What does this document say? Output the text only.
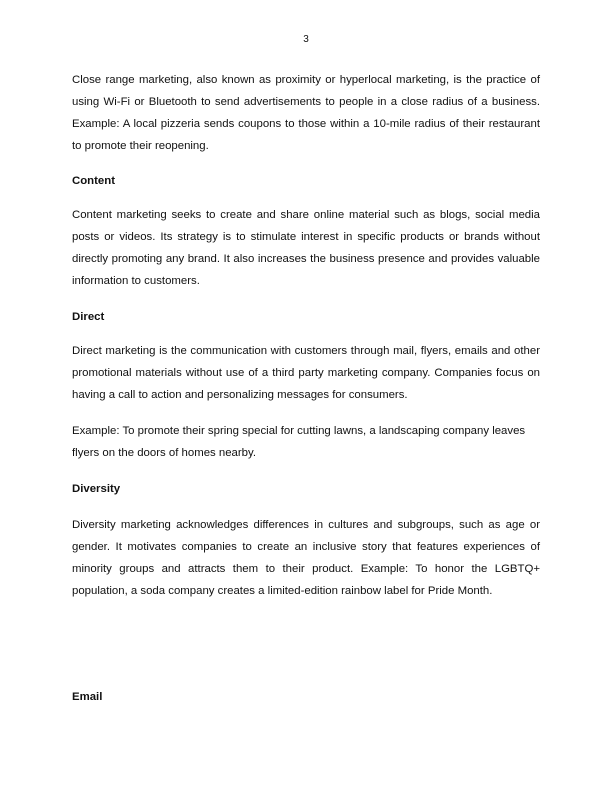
3
Close range marketing, also known as proximity or hyperlocal marketing, is the practice of using Wi-Fi or Bluetooth to send advertisements to people in a close radius of a business. Example: A local pizzeria sends coupons to those within a 10-mile radius of their restaurant to promote their reopening.
Content
Content marketing seeks to create and share online material such as blogs, social media posts or videos. Its strategy is to stimulate interest in specific products or brands without directly promoting any brand. It also increases the business presence and provides valuable information to customers.
Direct
Direct marketing is the communication with customers through mail, flyers, emails and other promotional materials without use of a third party marketing company. Companies focus on having a call to action and personalizing messages for consumers.
Example: To promote their spring special for cutting lawns, a landscaping company leaves flyers on the doors of homes nearby.
Diversity
Diversity marketing acknowledges differences in cultures and subgroups, such as age or gender. It motivates companies to create an inclusive story that features experiences of minority groups and attracts them to their product. Example: To honor the LGBTQ+ population, a soda company creates a limited-edition rainbow label for Pride Month.
Email
